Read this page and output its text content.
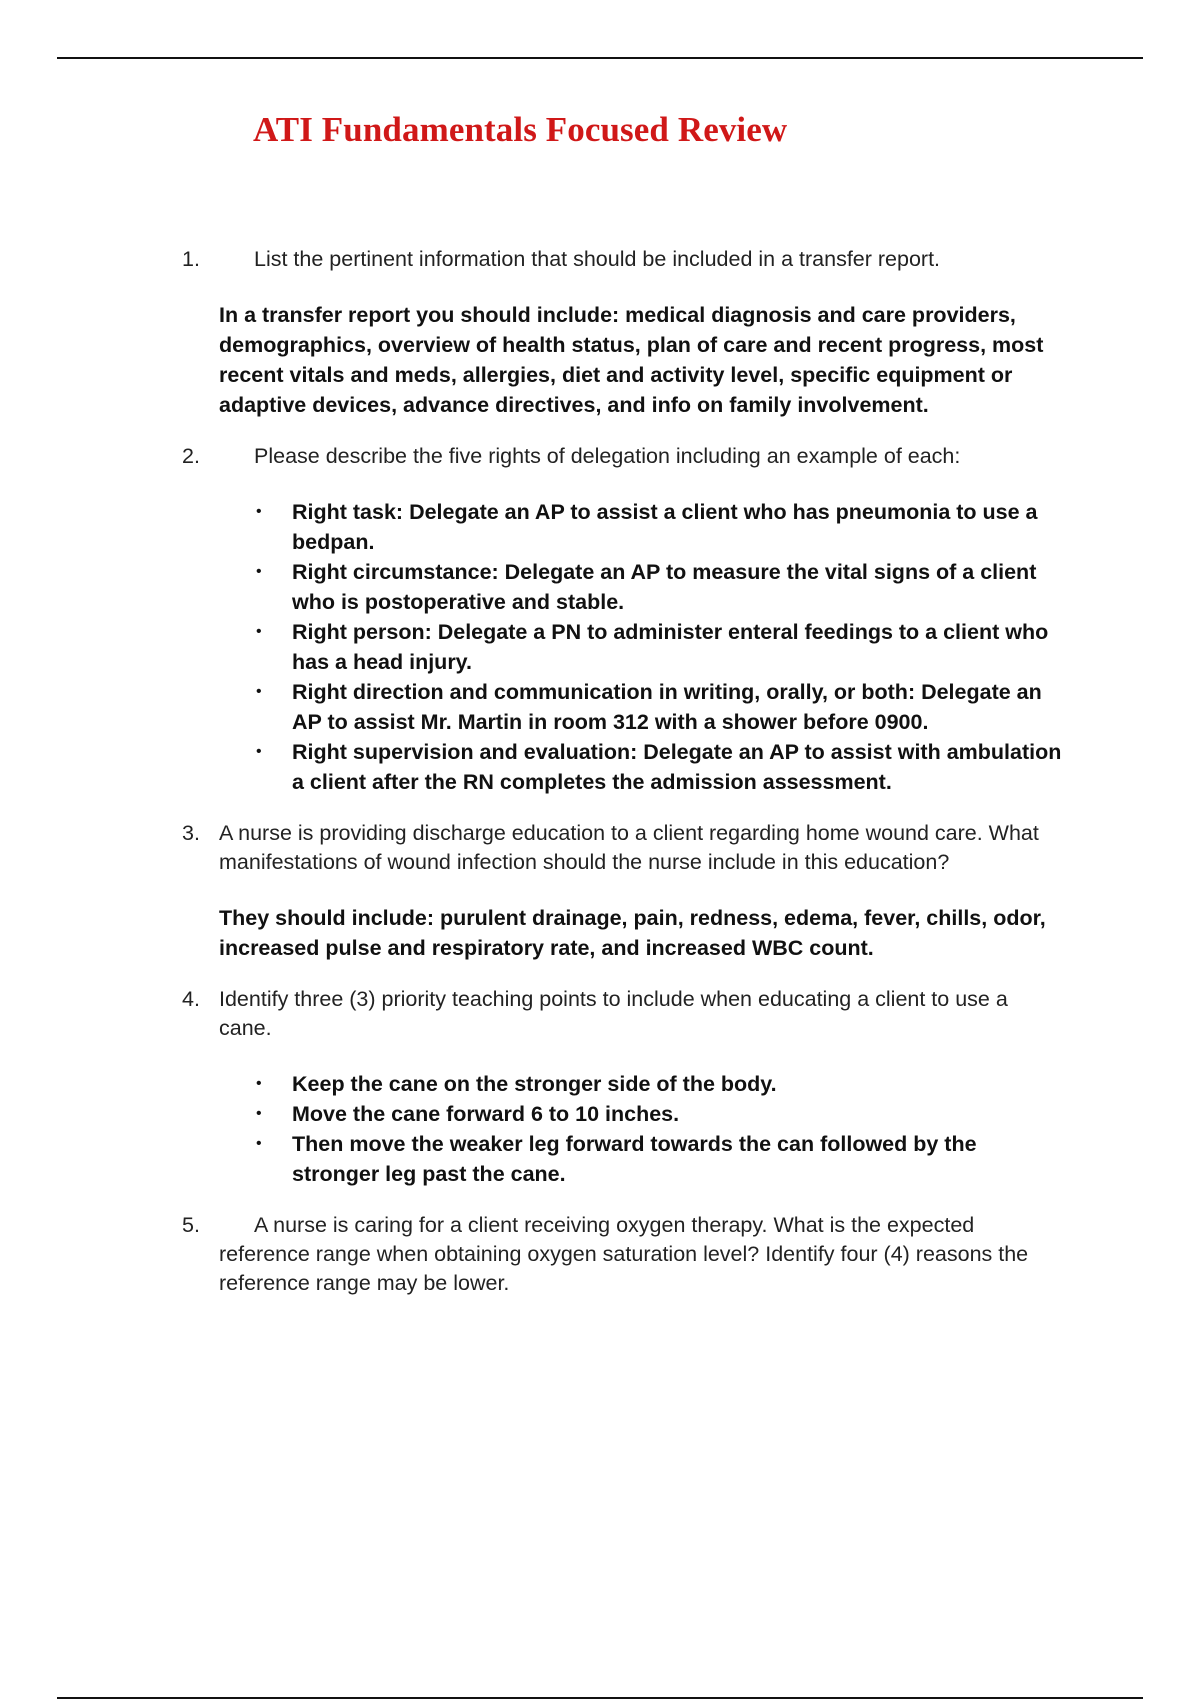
ATI Fundamentals Focused Review
1.	List the pertinent information that should be included in a transfer report.
In a transfer report you should include: medical diagnosis and care providers, demographics, overview of health status, plan of care and recent progress, most recent vitals and meds, allergies, diet and activity level, specific equipment or adaptive devices, advance directives, and info on family involvement.
2.	Please describe the five rights of delegation including an example of each:
• Right task: Delegate an AP to assist a client who has pneumonia to use a bedpan.
• Right circumstance: Delegate an AP to measure the vital signs of a client who is postoperative and stable.
• Right person: Delegate a PN to administer enteral feedings to a client who has a head injury.
• Right direction and communication in writing, orally, or both: Delegate an AP to assist Mr. Martin in room 312 with a shower before 0900.
• Right supervision and evaluation: Delegate an AP to assist with ambulation a client after the RN completes the admission assessment.
3. A nurse is providing discharge education to a client regarding home wound care. What manifestations of wound infection should the nurse include in this education?
They should include: purulent drainage, pain, redness, edema, fever, chills, odor, increased pulse and respiratory rate, and increased WBC count.
4. Identify three (3) priority teaching points to include when educating a client to use a cane.
• Keep the cane on the stronger side of the body.
• Move the cane forward 6 to 10 inches.
• Then move the weaker leg forward towards the can followed by the stronger leg past the cane.
5.	A nurse is caring for a client receiving oxygen therapy. What is the expected reference range when obtaining oxygen saturation level? Identify four (4) reasons the reference range may be lower.
